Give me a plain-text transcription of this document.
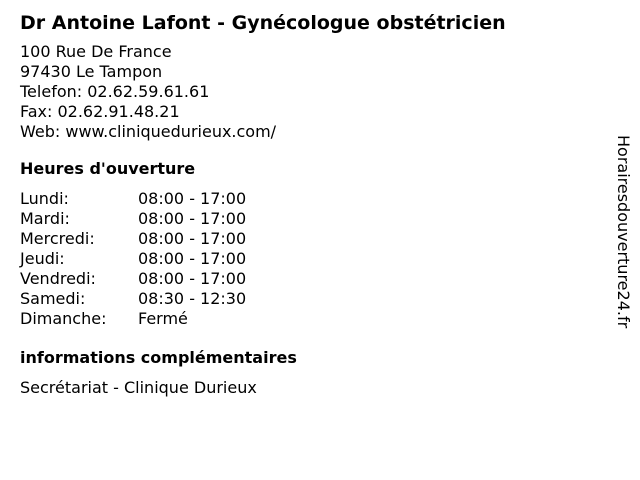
Dr Antoine Lafont - Gynécologue obstétricien
100 Rue De France
97430 Le Tampon
Telefon: 02.62.59.61.61
Fax: 02.62.91.48.21
Web: www.cliniquedurieux.com/
Heures d'ouverture
Lundi:	08:00 - 17:00
Mardi:	08:00 - 17:00
Mercredi:	08:00 - 17:00
Jeudi:	08:00 - 17:00
Vendredi:	08:00 - 17:00
Samedi:	08:30 - 12:30
Dimanche:	Fermé
informations complémentaires
Secrétariat - Clinique Durieux
Horairesdouverture24.fr
